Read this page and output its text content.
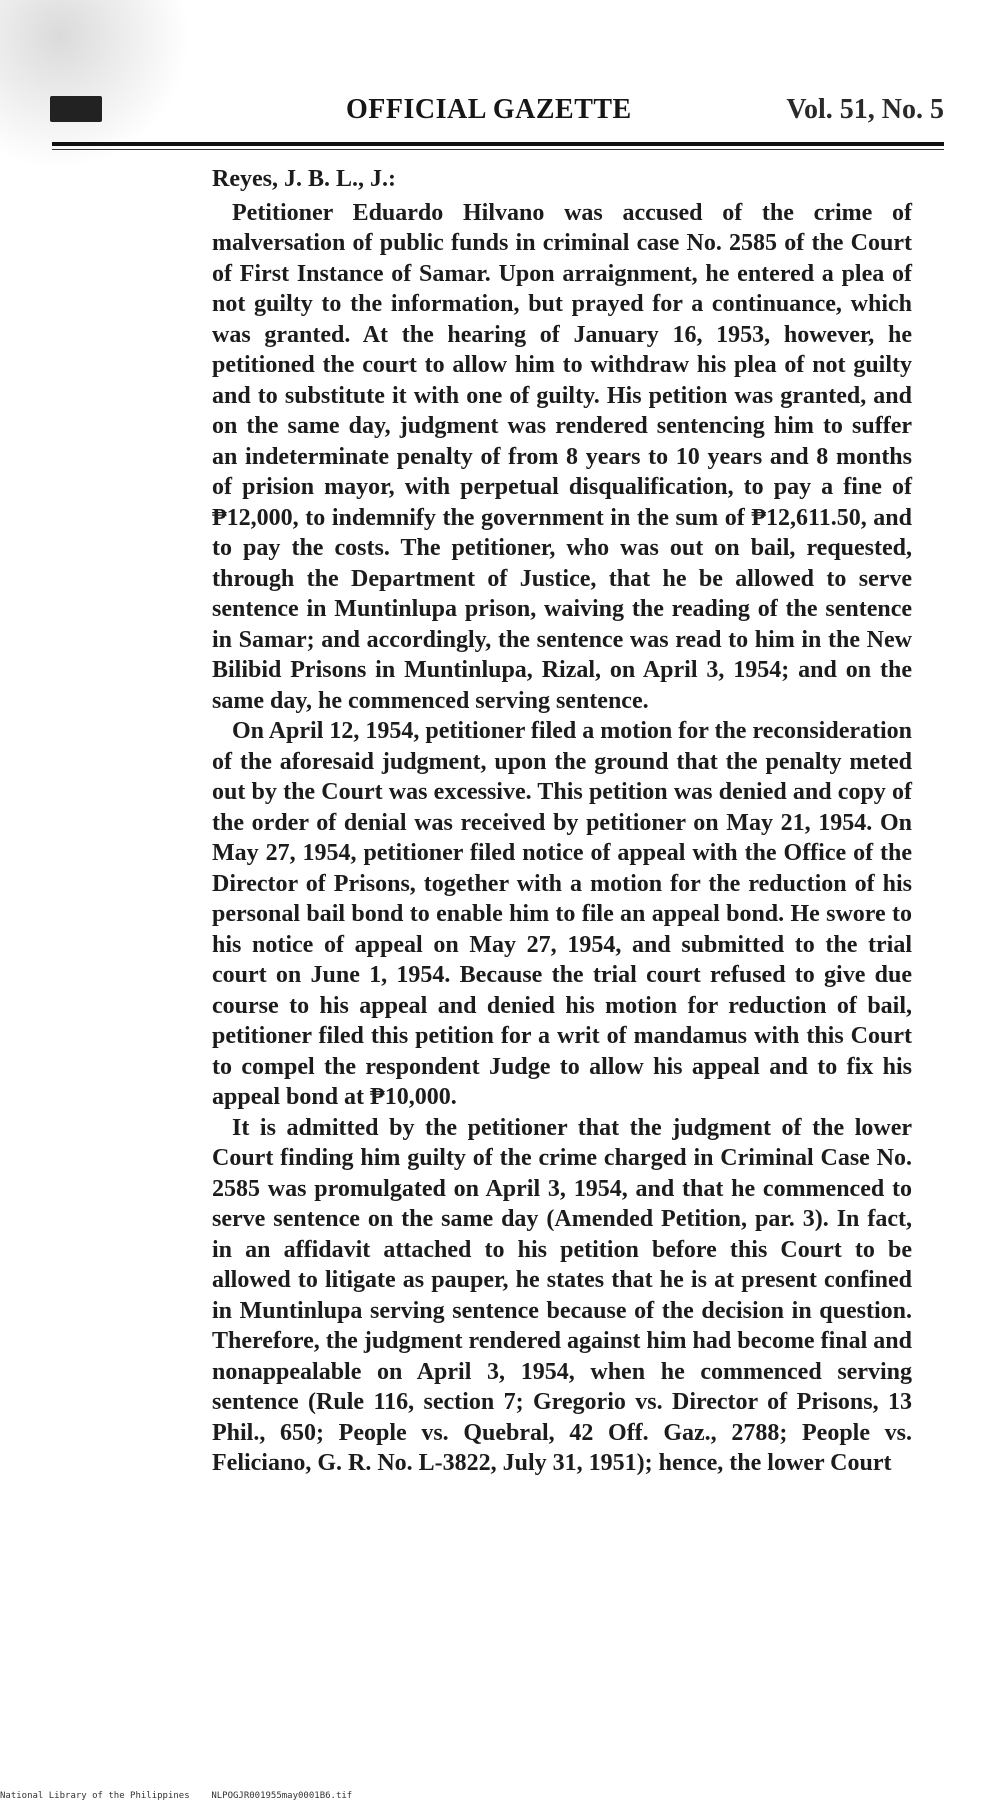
OFFICIAL GAZETTE	Vol. 51, No. 5

Reyes, J. B. L., J.:

Petitioner Eduardo Hilvano was accused of the crime of malversation of public funds in criminal case No. 2585 of the Court of First Instance of Samar. Upon arraignment, he entered a plea of not guilty to the information, but prayed for a continuance, which was granted. At the hearing of January 16, 1953, however, he petitioned the court to allow him to withdraw his plea of not guilty and to substitute it with one of guilty. His petition was granted, and on the same day, judgment was rendered sentencing him to suffer an indeterminate penalty of from 8 years to 10 years and 8 months of prision mayor, with perpetual disqualification, to pay a fine of ₱12,000, to indemnify the government in the sum of ₱12,611.50, and to pay the costs. The petitioner, who was out on bail, requested, through the Department of Justice, that he be allowed to serve sentence in Muntinlupa prison, waiving the reading of the sentence in Samar; and accordingly, the sentence was read to him in the New Bilibid Prisons in Muntinlupa, Rizal, on April 3, 1954; and on the same day, he commenced serving sentence.

On April 12, 1954, petitioner filed a motion for the reconsideration of the aforesaid judgment, upon the ground that the penalty meted out by the Court was excessive. This petition was denied and copy of the order of denial was received by petitioner on May 21, 1954. On May 27, 1954, petitioner filed notice of appeal with the Office of the Director of Prisons, together with a motion for the reduction of his personal bail bond to enable him to file an appeal bond. He swore to his notice of appeal on May 27, 1954, and submitted to the trial court on June 1, 1954. Because the trial court refused to give due course to his appeal and denied his motion for reduction of bail, petitioner filed this petition for a writ of mandamus with this Court to compel the respondent Judge to allow his appeal and to fix his appeal bond at ₱10,000.

It is admitted by the petitioner that the judgment of the lower Court finding him guilty of the crime charged in Criminal Case No. 2585 was promulgated on April 3, 1954, and that he commenced to serve sentence on the same day (Amended Petition, par. 3). In fact, in an affidavit attached to his petition before this Court to be allowed to litigate as pauper, he states that he is at present confined in Muntinlupa serving sentence because of the decision in question. Therefore, the judgment rendered against him had become final and nonappealable on April 3, 1954, when he commenced serving sentence (Rule 116, section 7; Gregorio vs. Director of Prisons, 13 Phil., 650; People vs. Quebral, 42 Off. Gaz., 2788; People vs. Feliciano, G. R. No. L-3822, July 31, 1951); hence, the lower Court

National Library of the Philippines    NLPOGJR001955may0001B6.tif
